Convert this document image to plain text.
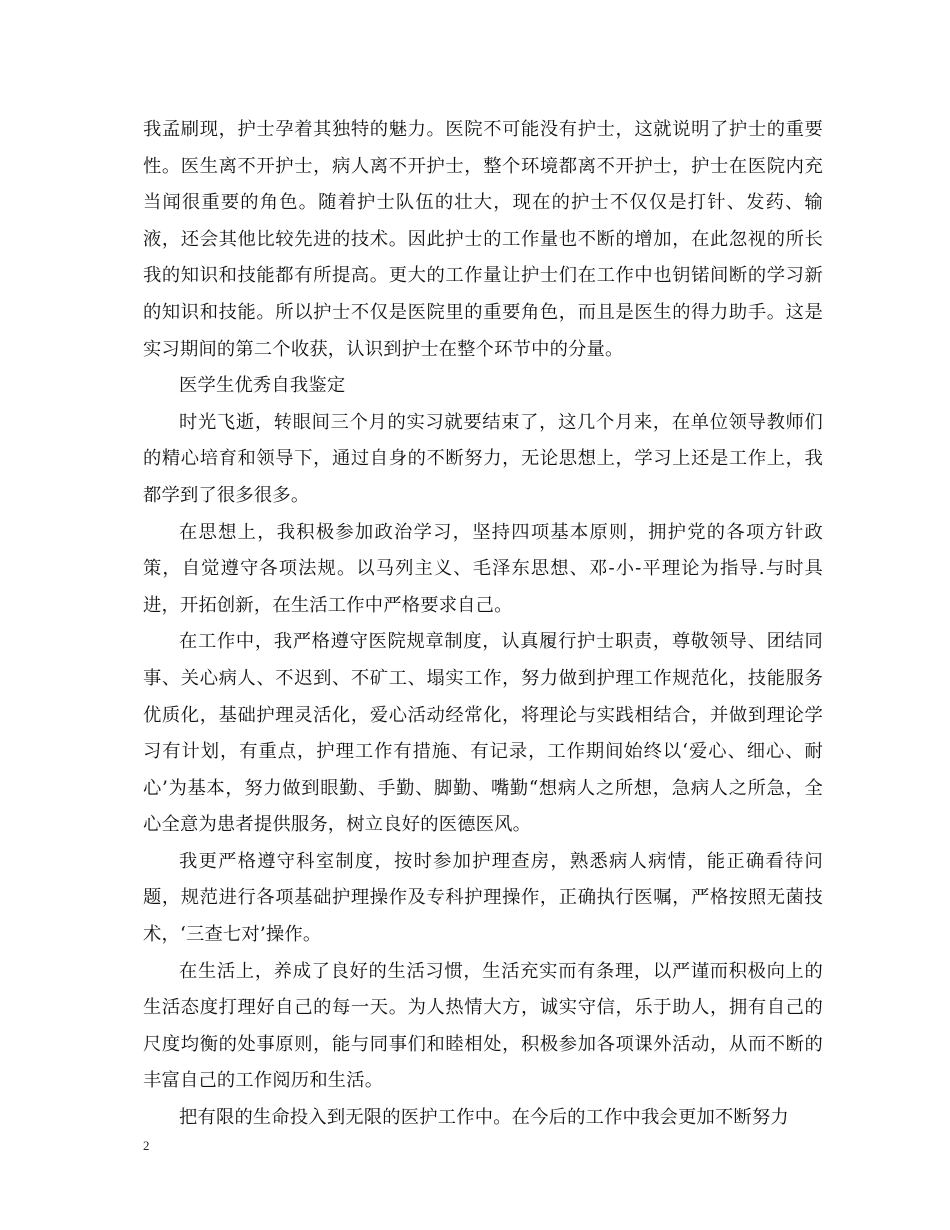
我孟刷现，护士孕着其独特的魅力。医院不可能没有护士，这就说明了护士的重要性。医生离不开护士，病人离不开护士，整个环境都离不开护士，护士在医院内充当闻很重要的角色。随着护士队伍的壮大，现在的护士不仅仅是打针、发药、输液，还会其他比较先进的技术。因此护士的工作量也不断的增加，在此忽视的所长我的知识和技能都有所提高。更大的工作量让护士们在工作中也钥锘间断的学习新的知识和技能。所以护士不仅是医院里的重要角色，而且是医生的得力助手。这是实习期间的第二个收获，认识到护士在整个环节中的分量。

医学生优秀自我鉴定

时光飞逝，转眼间三个月的实习就要结束了，这几个月来，在单位领导教师们的精心培育和领导下，通过自身的不断努力，无论思想上，学习上还是工作上，我都学到了很多很多。

在思想上，我积极参加政治学习，坚持四项基本原则，拥护党的各项方针政策，自觉遵守各项法规。以马列主义、毛泽东思想、邓-小-平理论为指导.与时具进，开拓创新，在生活工作中严格要求自己。

在工作中，我严格遵守医院规章制度，认真履行护士职责，尊敬领导、团结同事、关心病人、不迟到、不矿工、塌实工作，努力做到护理工作规范化，技能服务优质化，基础护理灵活化，爱心活动经常化，将理论与实践相结合，并做到理论学习有计划，有重点，护理工作有措施、有记录，工作期间始终以‘爱心、细心、耐心’为基本，努力做到眼勤、手勤、脚勤、嘴勤“想病人之所想，急病人之所急，全心全意为患者提供服务，树立良好的医德医风。

我更严格遵守科室制度，按时参加护理查房，熟悉病人病情，能正确看待问题，规范进行各项基础护理操作及专科护理操作，正确执行医嘱，严格按照无菌技术，‘三查七对’操作。

在生活上，养成了良好的生活习惯，生活充实而有条理，以严谨而积极向上的生活态度打理好自己的每一天。为人热情大方，诚实守信，乐于助人，拥有自己的尺度均衡的处事原则，能与同事们和睦相处，积极参加各项课外活动，从而不断的丰富自己的工作阅历和生活。

把有限的生命投入到无限的医护工作中。在今后的工作中我会更加不断努力

2
